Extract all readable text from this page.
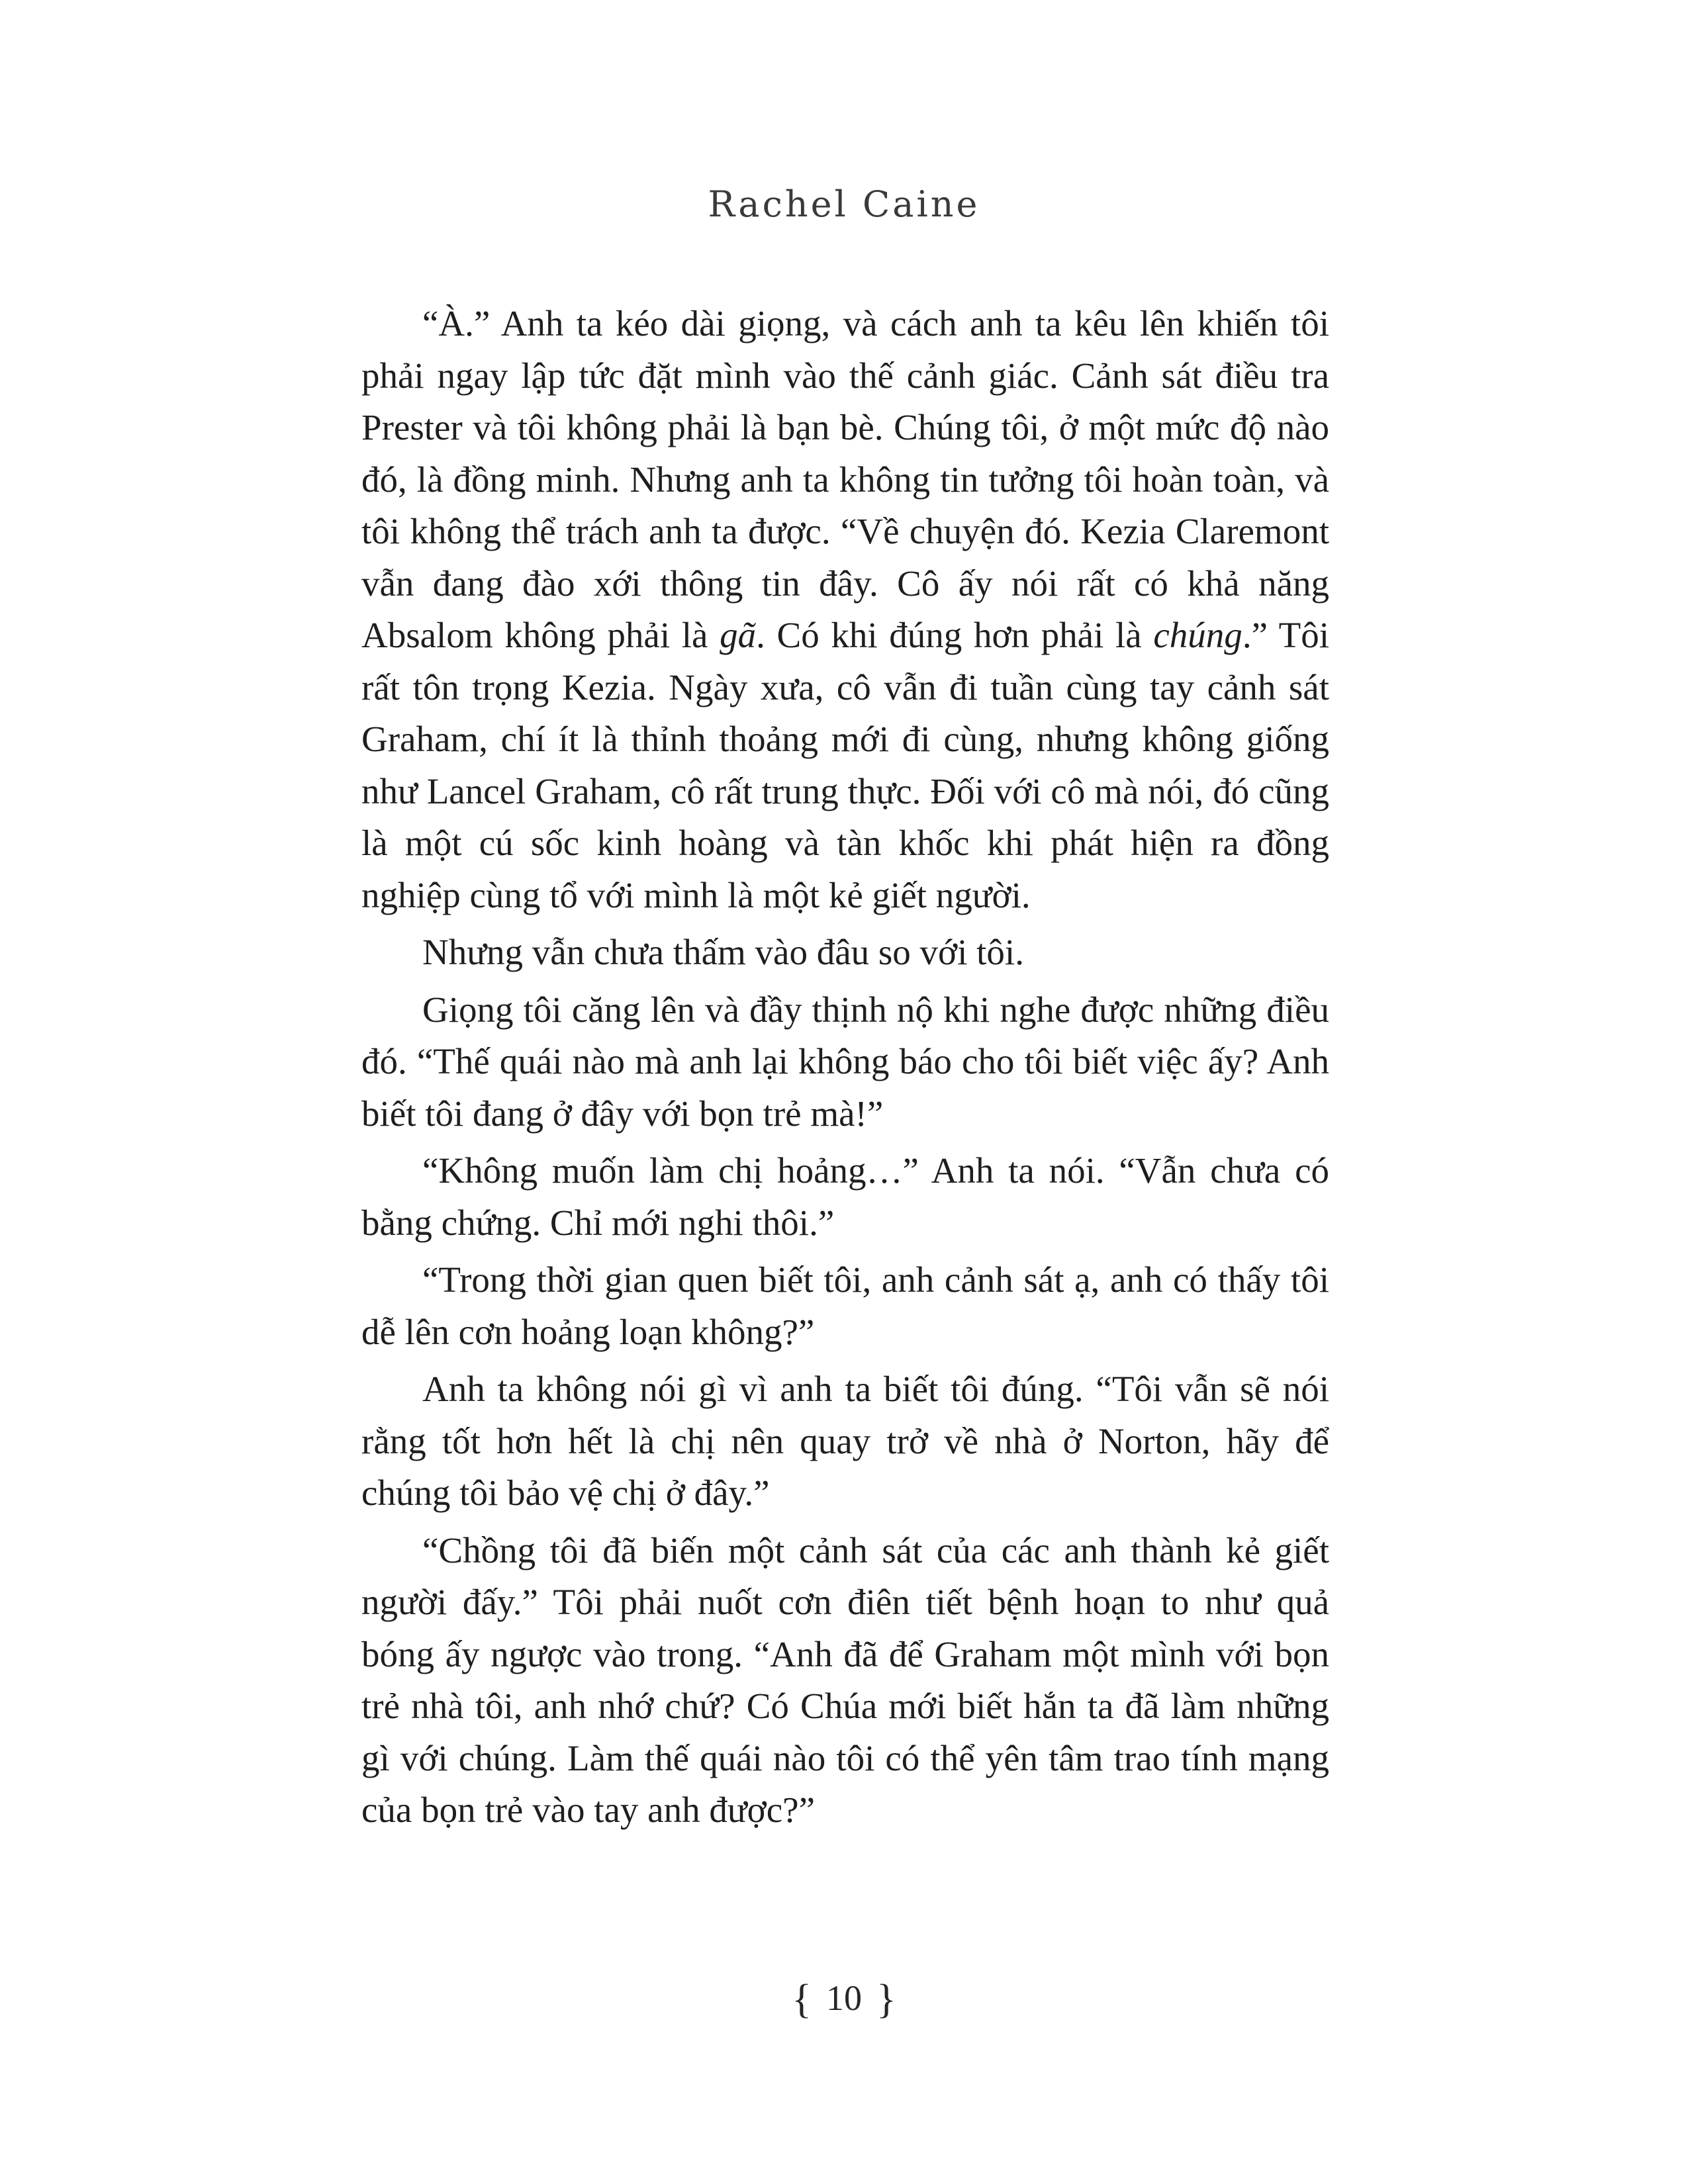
Rachel Caine

“À.” Anh ta kéo dài giọng, và cách anh ta kêu lên khiến tôi phải ngay lập tức đặt mình vào thế cảnh giác. Cảnh sát điều tra Prester và tôi không phải là bạn bè. Chúng tôi, ở một mức độ nào đó, là đồng minh. Nhưng anh ta không tin tưởng tôi hoàn toàn, và tôi không thể trách anh ta được. “Về chuyện đó. Kezia Claremont vẫn đang đào xới thông tin đây. Cô ấy nói rất có khả năng Absalom không phải là gã. Có khi đúng hơn phải là chúng.” Tôi rất tôn trọng Kezia. Ngày xưa, cô vẫn đi tuần cùng tay cảnh sát Graham, chí ít là thỉnh thoảng mới đi cùng, nhưng không giống như Lancel Graham, cô rất trung thực. Đối với cô mà nói, đó cũng là một cú sốc kinh hoàng và tàn khốc khi phát hiện ra đồng nghiệp cùng tổ với mình là một kẻ giết người.

Nhưng vẫn chưa thấm vào đâu so với tôi.

Giọng tôi căng lên và đầy thịnh nộ khi nghe được những điều đó. “Thế quái nào mà anh lại không báo cho tôi biết việc ấy? Anh biết tôi đang ở đây với bọn trẻ mà!”

“Không muốn làm chị hoảng…” Anh ta nói. “Vẫn chưa có bằng chứng. Chỉ mới nghi thôi.”

“Trong thời gian quen biết tôi, anh cảnh sát ạ, anh có thấy tôi dễ lên cơn hoảng loạn không?”

Anh ta không nói gì vì anh ta biết tôi đúng. “Tôi vẫn sẽ nói rằng tốt hơn hết là chị nên quay trở về nhà ở Norton, hãy để chúng tôi bảo vệ chị ở đây.”

“Chồng tôi đã biến một cảnh sát của các anh thành kẻ giết người đấy.” Tôi phải nuốt cơn điên tiết bệnh hoạn to như quả bóng ấy ngược vào trong. “Anh đã để Graham một mình với bọn trẻ nhà tôi, anh nhớ chứ? Có Chúa mới biết hắn ta đã làm những gì với chúng. Làm thế quái nào tôi có thể yên tâm trao tính mạng của bọn trẻ vào tay anh được?”

{ 10 }
